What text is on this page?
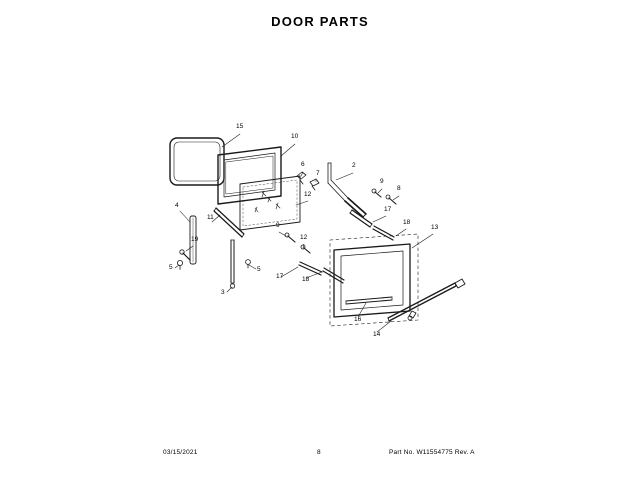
DOOR PARTS
15
10
6	2
7
9
8
12
4
11
17
18
13
9
12
19
5	5
17	18
3
16
14
03/15/2021	8	Part No. W11554775 Rev. A
